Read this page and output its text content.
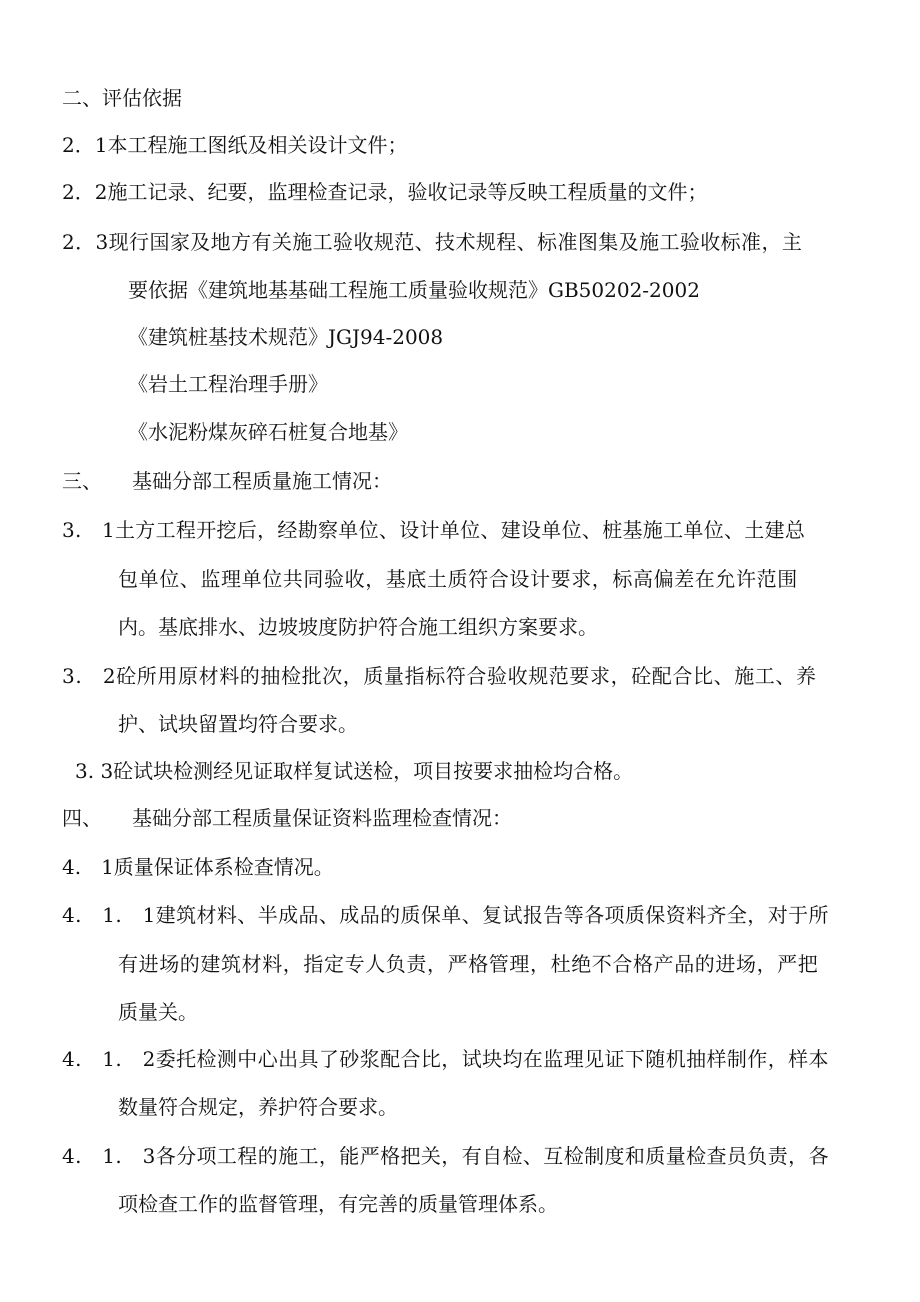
二、评估依据
2．1本工程施工图纸及相关设计文件；
2．2施工记录、纪要，监理检查记录，验收记录等反映工程质量的文件；
2．3现行国家及地方有关施工验收规范、技术规程、标准图集及施工验收标准，主
要依据《建筑地基基础工程施工质量验收规范》GB50202-2002
《建筑桩基技术规范》JGJ94-2008
《岩土工程治理手册》
《水泥粉煤灰碎石桩复合地基》
三、　　基础分部工程质量施工情况：
3.　1土方工程开挖后，经勘察单位、设计单位、建设单位、桩基施工单位、土建总
包单位、监理单位共同验收，基底土质符合设计要求，标高偏差在允许范围
内。基底排水、边坡坡度防护符合施工组织方案要求。
3.　2砼所用原材料的抽检批次，质量指标符合验收规范要求，砼配合比、施工、养
护、试块留置均符合要求。
3. 3砼试块检测经见证取样复试送检，项目按要求抽检均合格。
四、　　基础分部工程质量保证资料监理检查情况：
4.　1质量保证体系检查情况。
4.　1.　1建筑材料、半成品、成品的质保单、复试报告等各项质保资料齐全，对于所
有进场的建筑材料，指定专人负责，严格管理，杜绝不合格产品的进场，严把
质量关。
4.　1.　2委托检测中心出具了砂浆配合比，试块均在监理见证下随机抽样制作，样本
数量符合规定，养护符合要求。
4.　1.　3各分项工程的施工，能严格把关，有自检、互检制度和质量检查员负责，各
项检查工作的监督管理，有完善的质量管理体系。
